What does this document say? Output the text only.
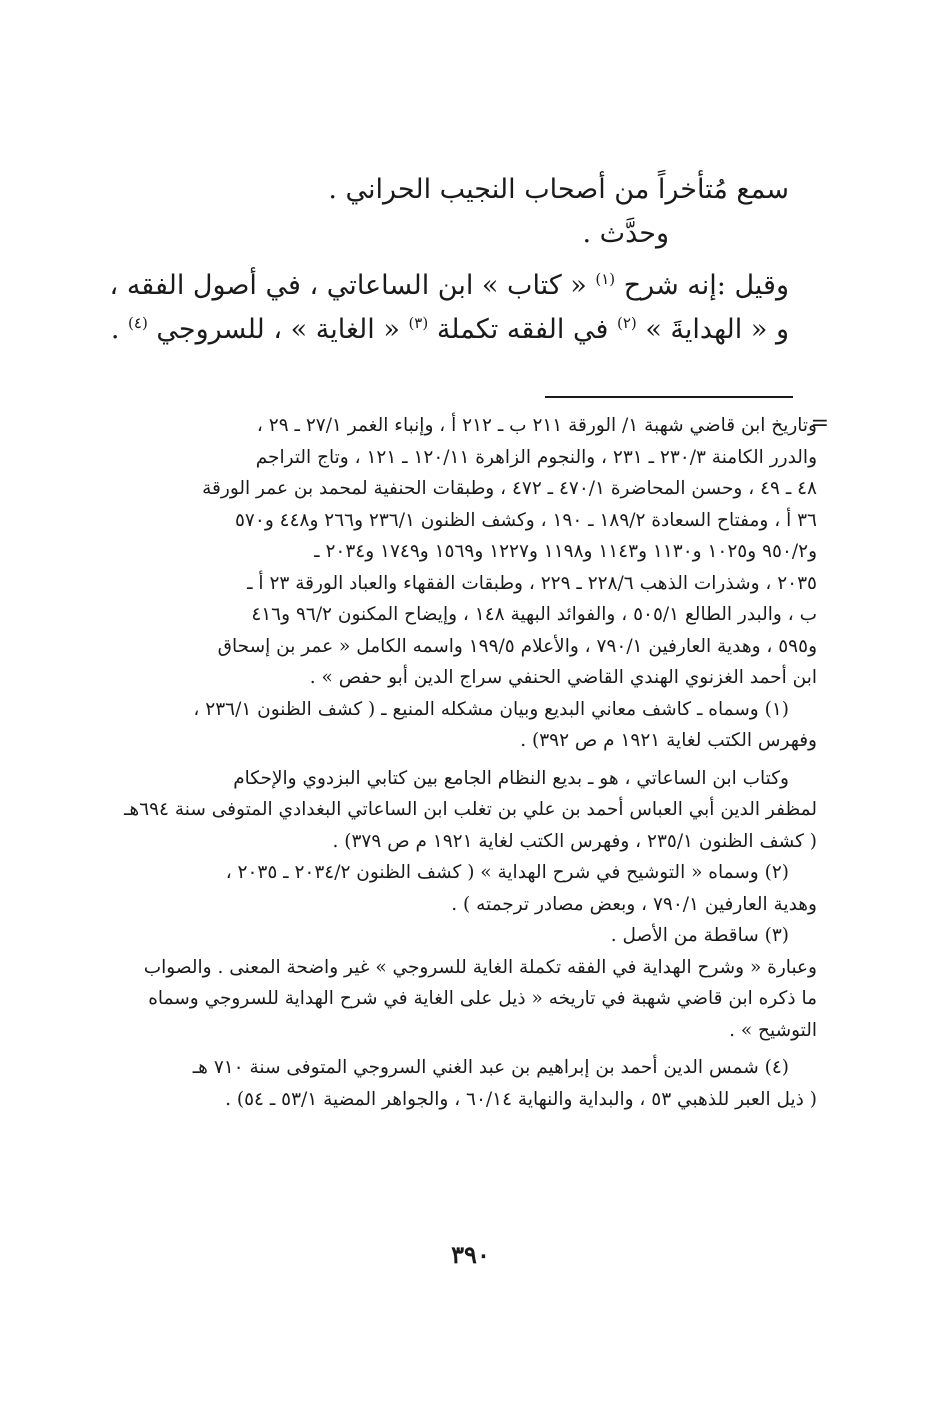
سمع مُتأخراً من أصحاب النجيب الحراني .

وحدَّث .

وقيل :إنه شرح $^{(١)}$ « كتاب » ابن الساعاتي ، في أصول الفقه ،

و « الهدايةَ » $^{(٢)}$ في الفقه تكملة $^{(٣)}$ « الغاية » ، للسروجي $^{(٤)}$ .

=

وتاريخ ابن قاضي شهبة ١/ الورقة ٢١١ ب ـ ٢١٢ أ ، وإنباء الغمر ٢٧/١ ـ ٢٩ ،

والدرر الكامنة ٢٣٠/٣ ـ ٢٣١ ، والنجوم الزاهرة ١٢٠/١١ ـ ١٢١ ، وتاج التراجم

٤٨ ـ ٤٩ ، وحسن المحاضرة ٤٧٠/١ ـ ٤٧٢ ، وطبقات الحنفية لمحمد بن عمر الورقة

٣٦ أ ، ومفتاح السعادة ١٨٩/٢ ـ ١٩٠ ، وكشف الظنون ٢٣٦/١ و٢٦٦ و٤٤٨ و٥٧٠

و٩٥٠/٢ و١٠٢٥ و١١٣٠ و١١٤٣ و١١٩٨ و١٢٢٧ و١٥٦٩ و١٧٤٩ و٢٠٣٤ ـ

٢٠٣٥ ، وشذرات الذهب ٢٢٨/٦ ـ ٢٢٩ ، وطبقات الفقهاء والعباد الورقة ٢٣ أ ـ

ب ، والبدر الطالع ٥٠٥/١ ، والفوائد البهية ١٤٨ ، وإيضاح المكنون ٩٦/٢ و٤١٦

و٥٩٥ ، وهدية العارفين ٧٩٠/١ ، والأعلام ١٩٩/٥ واسمه الكامل « عمر بن إسحاق

ابن أحمد الغزنوي الهندي القاضي الحنفي سراج الدين أبو حفص » .

(١) وسماه ـ كاشف معاني البديع وبيان مشكله المنيع ـ ( كشف الظنون ٢٣٦/١ ،

وفهرس الكتب لغاية ١٩٢١ م ص ٣٩٢) .

وكتاب ابن الساعاتي ، هو ـ بديع النظام الجامع بين كتابي البزدوي والإحكام

لمظفر الدين أبي العباس أحمد بن علي بن تغلب ابن الساعاتي البغدادي المتوفى سنة ٦٩٤هـ

( كشف الظنون ٢٣٥/١ ، وفهرس الكتب لغاية ١٩٢١ م ص ٣٧٩) .

(٢) وسماه « التوشيح في شرح الهداية » ( كشف الظنون ٢٠٣٤/٢ ـ ٢٠٣٥ ،

وهدية العارفين ٧٩٠/١ ، وبعض مصادر ترجمته ) .

(٣) ساقطة من الأصل .

وعبارة « وشرح الهداية في الفقه تكملة الغاية للسروجي » غير واضحة المعنى . والصواب

ما ذكره ابن قاضي شهبة في تاريخه « ذيل على الغاية في شرح الهداية للسروجي وسماه

التوشيح » .

(٤) شمس الدين أحمد بن إبراهيم بن عبد الغني السروجي المتوفى سنة ٧١٠ هـ

( ذيل العبر للذهبي ٥٣ ، والبداية والنهاية ٦٠/١٤ ، والجواهر المضية ٥٣/١ ـ ٥٤) .

٣٩٠
